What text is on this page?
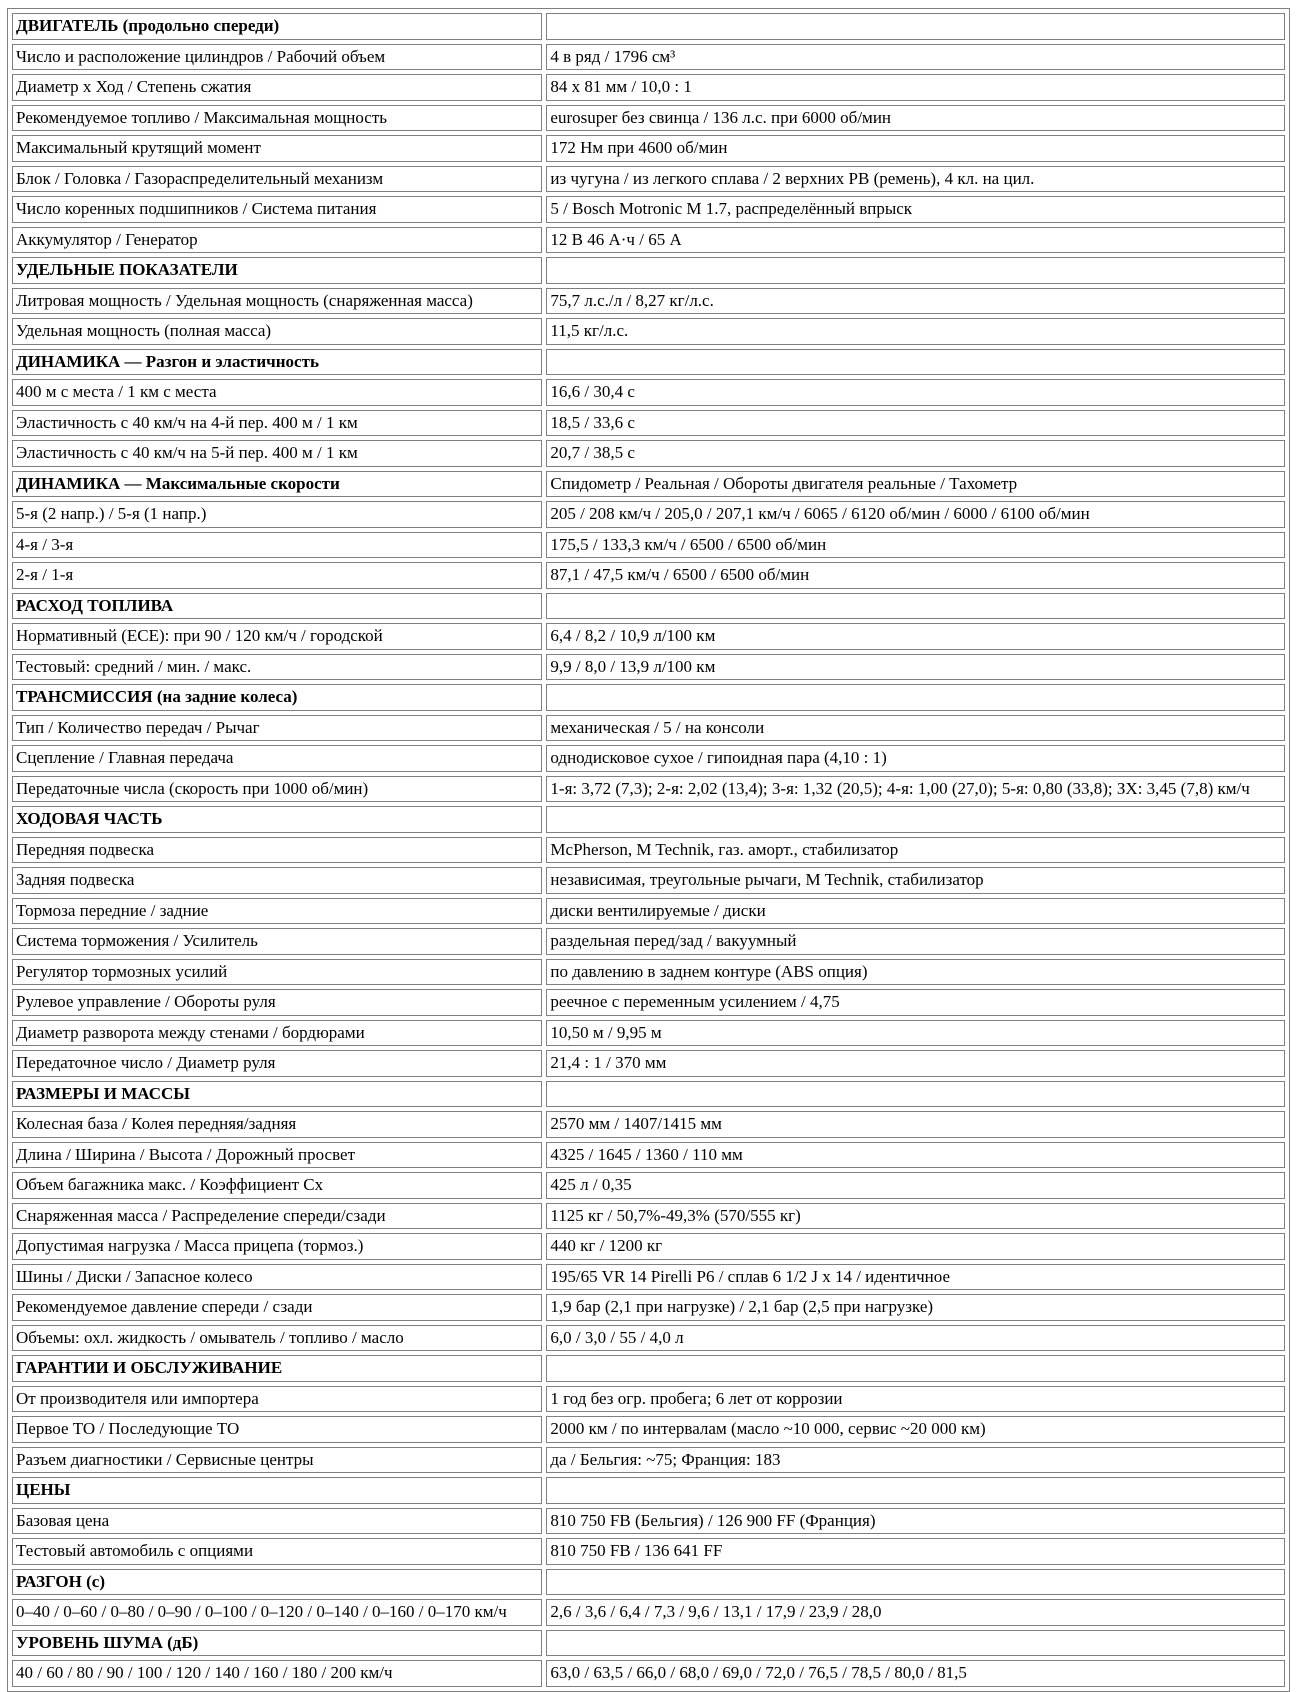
ДВИГАТЕЛЬ (продольно спереди)	
Число и расположение цилиндров / Рабочий объем	4 в ряд / 1796 см³
Диаметр x Ход / Степень сжатия	84 x 81 мм / 10,0 : 1
Рекомендуемое топливо / Максимальная мощность	eurosuper без свинца / 136 л.с. при 6000 об/мин
Максимальный крутящий момент	172 Нм при 4600 об/мин
Блок / Головка / Газораспределительный механизм	из чугуна / из легкого сплава / 2 верхних РВ (ремень), 4 кл. на цил.
Число коренных подшипников / Система питания	5 / Bosch Motronic M 1.7, распределённый впрыск
Аккумулятор / Генератор	12 В 46 А·ч / 65 А
УДЕЛЬНЫЕ ПОКАЗАТЕЛИ	
Литровая мощность / Удельная мощность (снаряженная масса)	75,7 л.с./л / 8,27 кг/л.с.
Удельная мощность (полная масса)	11,5 кг/л.с.
ДИНАМИКА — Разгон и эластичность	
400 м с места / 1 км с места	16,6 / 30,4 с
Эластичность с 40 км/ч на 4-й пер. 400 м / 1 км	18,5 / 33,6 с
Эластичность с 40 км/ч на 5-й пер. 400 м / 1 км	20,7 / 38,5 с
ДИНАМИКА — Максимальные скорости	Спидометр / Реальная / Обороты двигателя реальные / Тахометр
5-я (2 напр.) / 5-я (1 напр.)	205 / 208 км/ч / 205,0 / 207,1 км/ч / 6065 / 6120 об/мин / 6000 / 6100 об/мин
4-я / 3-я	175,5 / 133,3 км/ч / 6500 / 6500 об/мин
2-я / 1-я	87,1 / 47,5 км/ч / 6500 / 6500 об/мин
РАСХОД ТОПЛИВА	
Нормативный (ECE): при 90 / 120 км/ч / городской	6,4 / 8,2 / 10,9 л/100 км
Тестовый: средний / мин. / макс.	9,9 / 8,0 / 13,9 л/100 км
ТРАНСМИССИЯ (на задние колеса)	
Тип / Количество передач / Рычаг	механическая / 5 / на консоли
Сцепление / Главная передача	однодисковое сухое / гипоидная пара (4,10 : 1)
Передаточные числа (скорость при 1000 об/мин)	1-я: 3,72 (7,3); 2-я: 2,02 (13,4); 3-я: 1,32 (20,5); 4-я: 1,00 (27,0); 5-я: 0,80 (33,8); ЗХ: 3,45 (7,8) км/ч
ХОДОВАЯ ЧАСТЬ	
Передняя подвеска	McPherson, M Technik, газ. аморт., стабилизатор
Задняя подвеска	независимая, треугольные рычаги, M Technik, стабилизатор
Тормоза передние / задние	диски вентилируемые / диски
Система торможения / Усилитель	раздельная перед/зад / вакуумный
Регулятор тормозных усилий	по давлению в заднем контуре (ABS опция)
Рулевое управление / Обороты руля	реечное с переменным усилением / 4,75
Диаметр разворота между стенами / бордюрами	10,50 м / 9,95 м
Передаточное число / Диаметр руля	21,4 : 1 / 370 мм
РАЗМЕРЫ И МАССЫ	
Колесная база / Колея передняя/задняя	2570 мм / 1407/1415 мм
Длина / Ширина / Высота / Дорожный просвет	4325 / 1645 / 1360 / 110 мм
Объем багажника макс. / Коэффициент Cx	425 л / 0,35
Снаряженная масса / Распределение спереди/сзади	1125 кг / 50,7%-49,3% (570/555 кг)
Допустимая нагрузка / Масса прицепа (тормоз.)	440 кг / 1200 кг
Шины / Диски / Запасное колесо	195/65 VR 14 Pirelli P6 / сплав 6 1/2 J x 14 / идентичное
Рекомендуемое давление спереди / сзади	1,9 бар (2,1 при нагрузке) / 2,1 бар (2,5 при нагрузке)
Объемы: охл. жидкость / омыватель / топливо / масло	6,0 / 3,0 / 55 / 4,0 л
ГАРАНТИИ И ОБСЛУЖИВАНИЕ	
От производителя или импортера	1 год без огр. пробега; 6 лет от коррозии
Первое ТО / Последующие ТО	2000 км / по интервалам (масло ~10 000, сервис ~20 000 км)
Разъем диагностики / Сервисные центры	да / Бельгия: ~75; Франция: 183
ЦЕНЫ	
Базовая цена	810 750 FB (Бельгия) / 126 900 FF (Франция)
Тестовый автомобиль с опциями	810 750 FB / 136 641 FF
РАЗГОН (с)	
0–40 / 0–60 / 0–80 / 0–90 / 0–100 / 0–120 / 0–140 / 0–160 / 0–170 км/ч	2,6 / 3,6 / 6,4 / 7,3 / 9,6 / 13,1 / 17,9 / 23,9 / 28,0
УРОВЕНЬ ШУМА (дБ)	
40 / 60 / 80 / 90 / 100 / 120 / 140 / 160 / 180 / 200 км/ч	63,0 / 63,5 / 66,0 / 68,0 / 69,0 / 72,0 / 76,5 / 78,5 / 80,0 / 81,5
